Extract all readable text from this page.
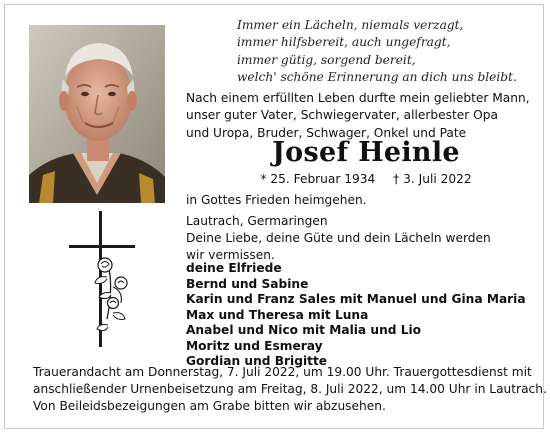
Immer ein Lächeln, niemals verzagt,
immer hilfsbereit, auch ungefragt,
immer gütig, sorgend bereit,
welch' schöne Erinnerung an dich uns bleibt.
Nach einem erfüllten Leben durfte mein geliebter Mann,
unser guter Vater, Schwiegervater, allerbester Opa
und Uropa, Bruder, Schwager, Onkel und Pate
Josef Heinle
* 25. Februar 1934 † 3. Juli 2022
in Gottes Frieden heimgehen.
Lautrach, Germaringen
Deine Liebe, deine Güte und dein Lächeln werden
wir vermissen.
deine Elfriede
Bernd und Sabine
Karin und Franz Sales mit Manuel und Gina Maria
Max und Theresa mit Luna
Anabel und Nico mit Malia und Lio
Moritz und Esmeray
Gordian und Brigitte
Trauerandacht am Donnerstag, 7. Juli 2022, um 19.00 Uhr. Trauergottesdienst mit
anschließender Urnenbeisetzung am Freitag, 8. Juli 2022, um 14.00 Uhr in Lautrach.
Von Beileidsbezeigungen am Grabe bitten wir abzusehen.
